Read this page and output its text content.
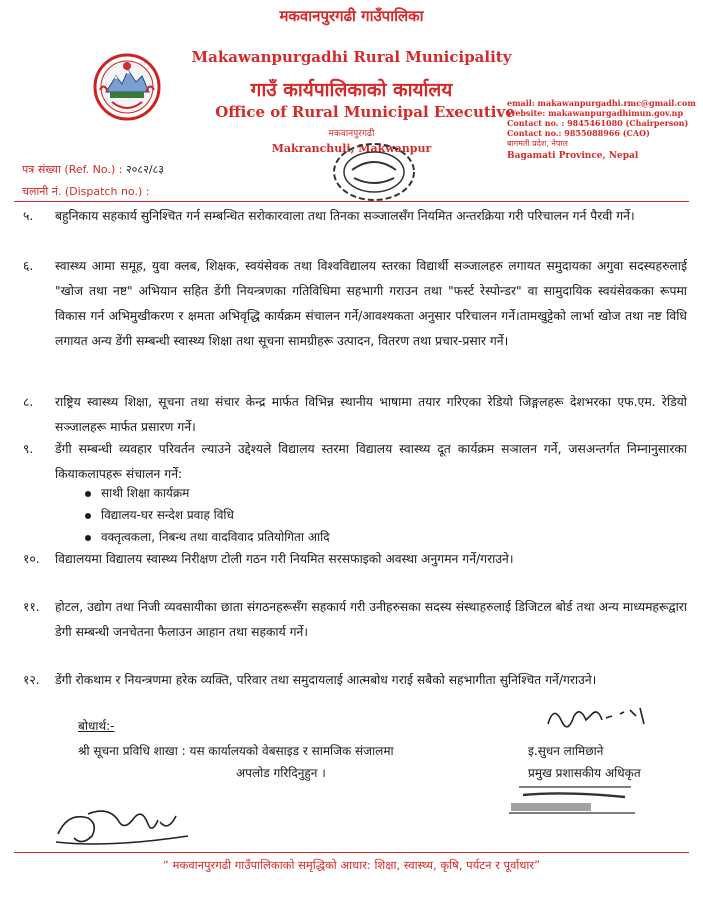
मकवानपुरगढी गाउँपालिका
Makawanpurgadhi Rural Municipality
गाउँ कार्यपालिकाको कार्यालय
Office of Rural Municipal Executive
मकवानपुरगढी
Makranchuli, Makwanpur
email: makawanpurgadhi.rmc@gmail.com
Website: makawanpurgadhimun.gov.np
Contact no. : 9845461080 (Chairperson)
Contact no.: 9855088966 (CAO)
बागमती प्रदेश, नेपाल
Bagamati Province, Nepal
पत्र संख्या (Ref. No.) : २०८२/८३
चलानी नं. (Dispatch no.) :
५. बहुनिकाय सहकार्य सुनिश्चित गर्न सम्बन्धित सरोकारवाला तथा तिनका सञ्जालसँग नियमित अन्तरक्रिया गरी परिचालन गर्न पैरवी गर्ने।
६. स्वास्थ्य आमा समूह, युवा क्लब, शिक्षक, स्वयंसेवक तथा विश्वविद्यालय स्तरका विद्यार्थी सञ्जालहरु लगायत समुदायका अगुवा सदस्यहरुलाई "खोज तथा नष्ट" अभियान सहित डेंगी नियन्त्रणका गतिविधिमा सहभागी गराउन तथा "फर्स्ट रेस्पोन्डर" वा सामुदायिक स्वयंसेवकका रूपमा विकास गर्न अभिमुखीकरण र क्षमता अभिवृद्धि कार्यक्रम संचालन गर्ने/आवश्यकता अनुसार परिचालन गर्ने।तामखुट्टेको लार्भा खोज तथा नष्ट विधि लगायत अन्य डेंगी सम्बन्धी स्वास्थ्य शिक्षा तथा सूचना सामग्रीहरू उत्पादन, वितरण तथा प्रचार-प्रसार गर्ने।
८. राष्ट्रिय स्वास्थ्य शिक्षा, सूचना तथा संचार केन्द्र मार्फत विभिन्न स्थानीय भाषामा तयार गरिएका रेडियो जिङ्गलहरू देशभरका एफ.एम. रेडियो सञ्जालहरू मार्फत प्रसारण गर्ने।
९. डेंगी सम्बन्धी व्यवहार परिवर्तन ल्याउने उद्देश्यले विद्यालय स्तरमा विद्यालय स्वास्थ्य दूत कार्यक्रम सञालन गर्ने, जसअन्तर्गत निम्नानुसारका कियाकलापहरू संचालन गर्ने:
साथी शिक्षा कार्यक्रम
विद्यालय-घर सन्देश प्रवाह विधि
वक्तृत्वकला, निबन्ध तथा वादविवाद प्रतियोगिता आदि
१०. विद्यालयमा विद्यालय स्वास्थ्य निरीक्षण टोली गठन गरी नियमित सरसफाइको अवस्था अनुगमन गर्ने/गराउने।
११. होटल, उद्योग तथा निजी व्यवसायीका छाता संगठनहरूसँग सहकार्य गरी उनीहरुसका सदस्य संस्थाहरुलाई डिजिटल बोर्ड तथा अन्य माध्यमहरूद्वारा डेगी सम्बन्धी जनचेतना फैलाउन आहान तथा सहकार्य गर्ने।
१२. डेंगी रोकथाम र नियन्त्रणमा हरेक व्यक्ति, परिवार तथा समुदायलाई आत्मबोध गराई सबैको सहभागीता सुनिश्चित गर्ने/गराउने।
बोधार्थ:-
श्री सूचना प्रविधि शाखा : यस कार्यालयको वेबसाइड र सामजिक संजालमा
अपलोड गरिदिनुहुन ।
इ.सुधन लामिछाने
प्रमुख प्रशासकीय अधिकृत
“ मकवानपुरगढी गाउँपालिकाको समृद्धिको आधार: शिक्षा, स्वास्थ्य, कृषि, पर्यटन र पूर्वाधार”
